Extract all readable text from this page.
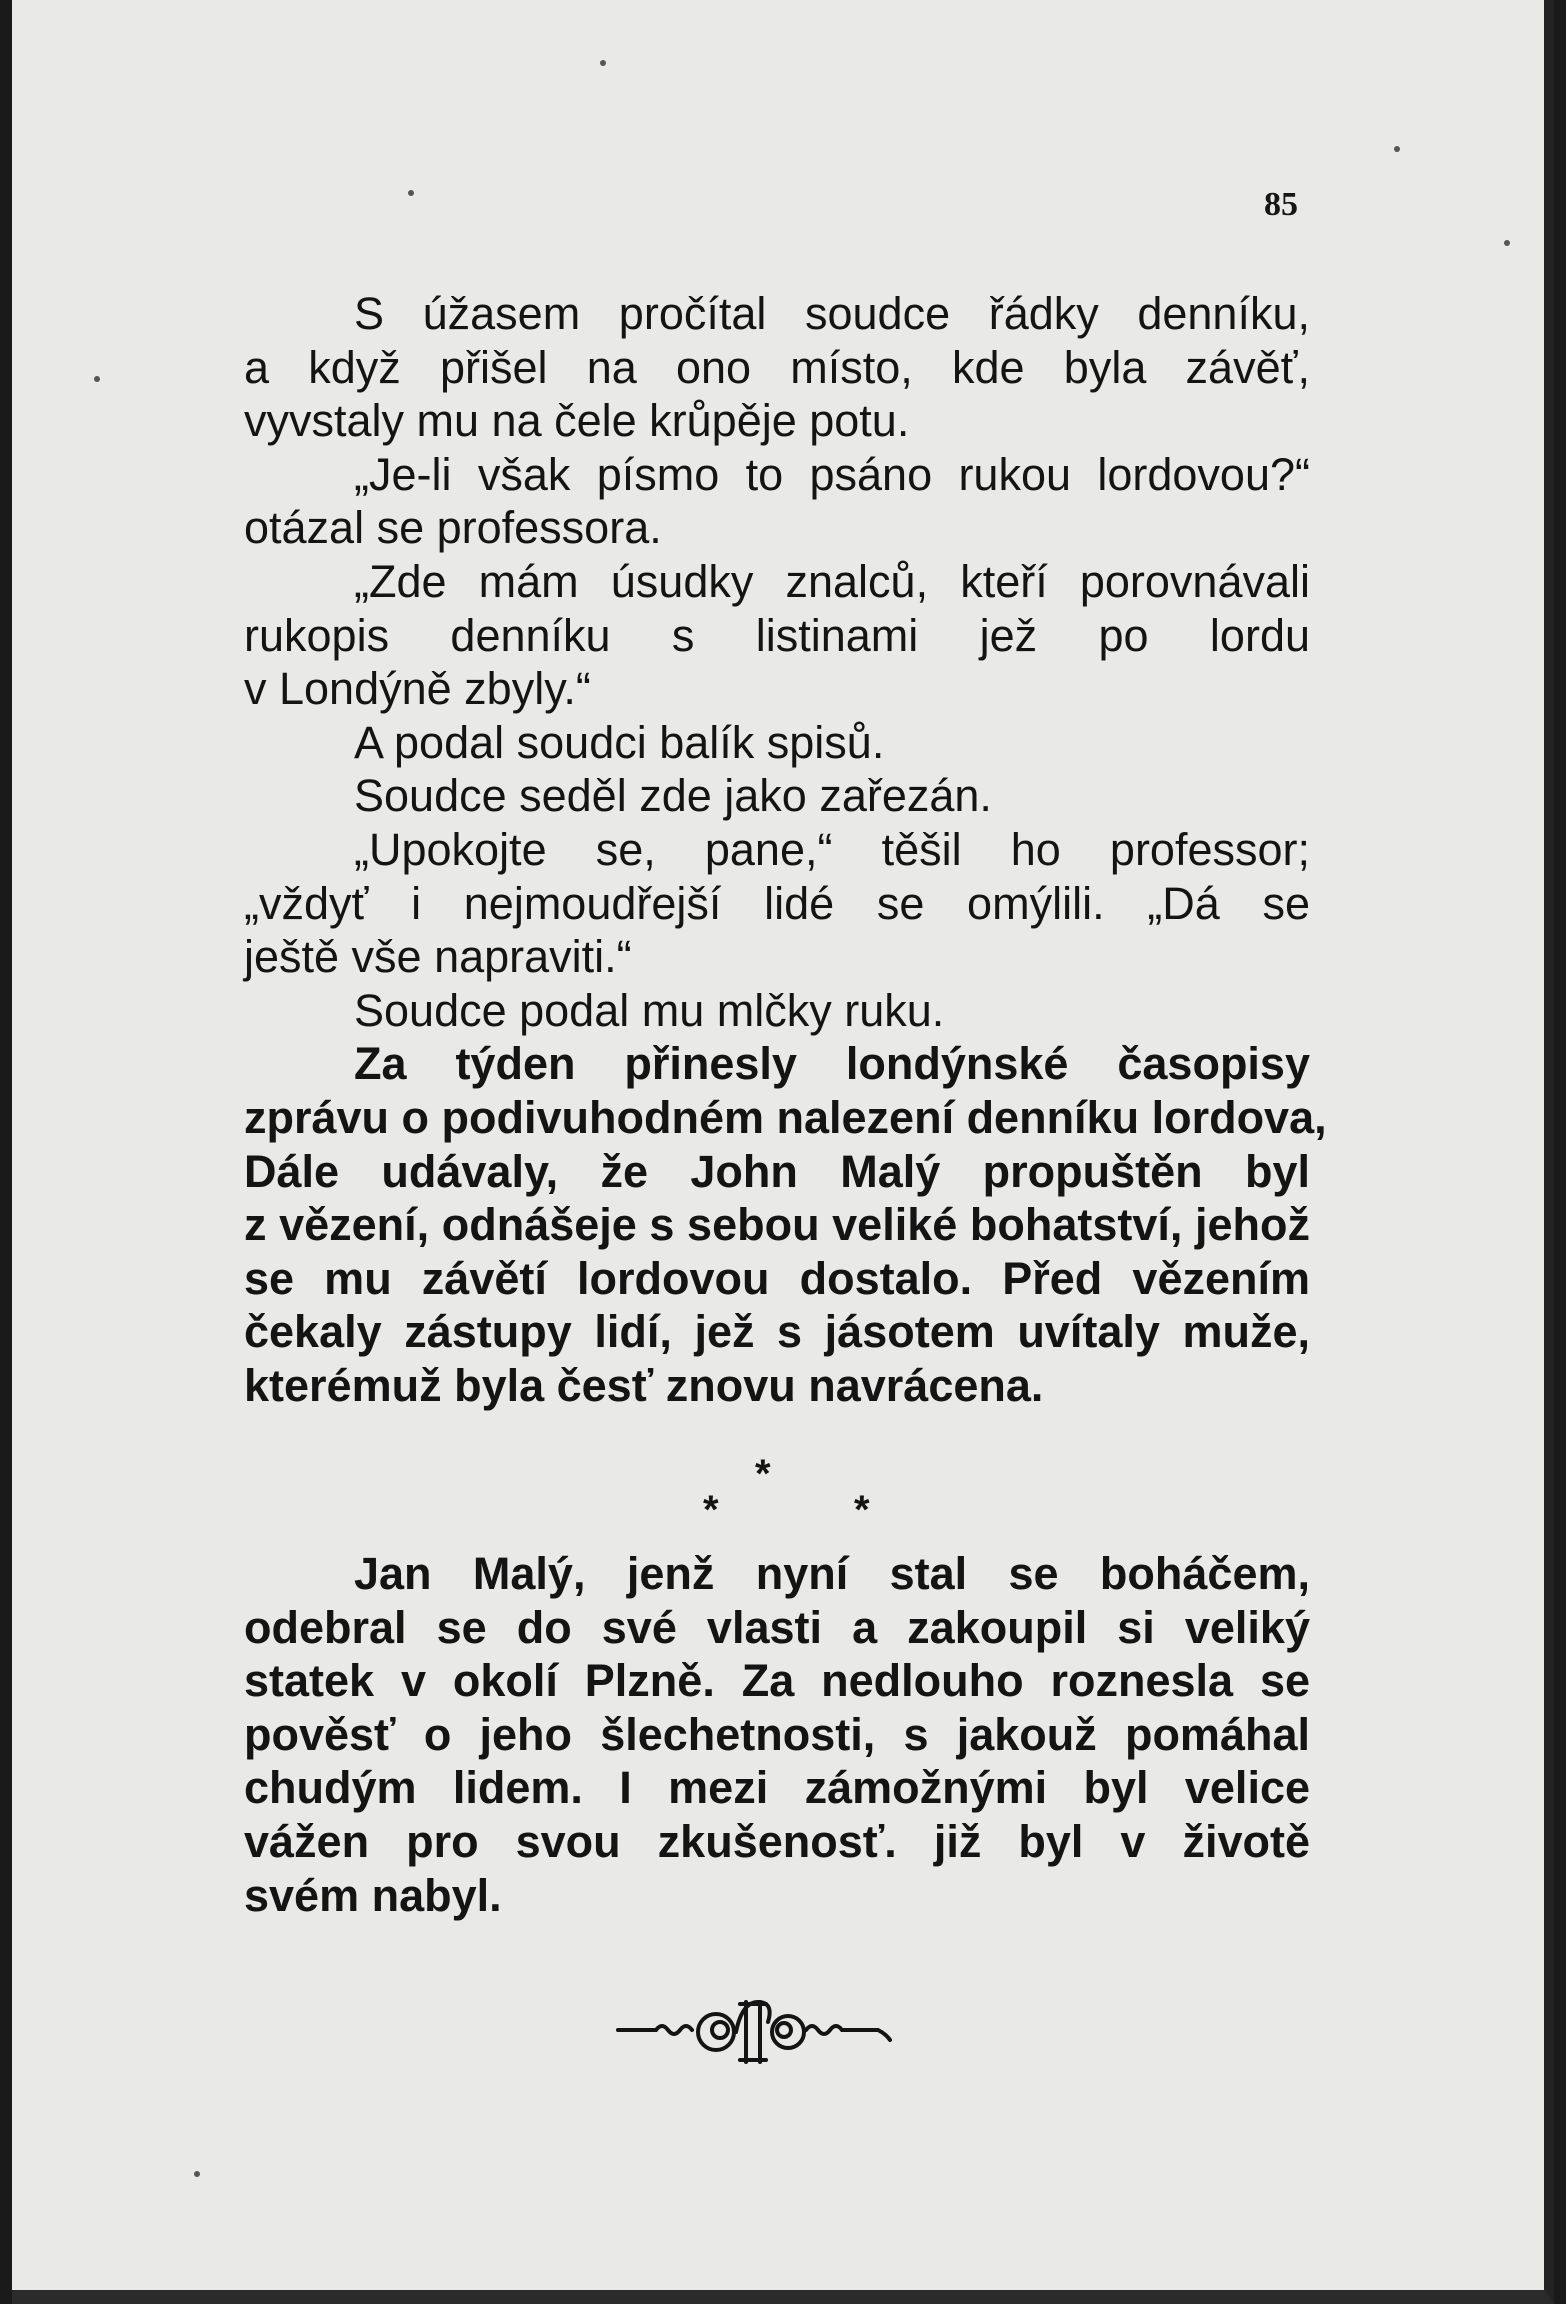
85
S úžasem pročítal soudce řádky denníku,
a když přišel na ono místo, kde byla závěť,
vyvstaly mu na čele krůpěje potu.
„Je-li však písmo to psáno rukou lordovou?“
otázal se professora.
„Zde mám úsudky znalců, kteří porovnávali
rukopis denníku s listinami jež po lordu
v Londýně zbyly.“
A podal soudci balík spisů.
Soudce seděl zde jako zařezán.
„Upokojte se, pane,“ těšil ho professor;
„vždyť i nejmoudřejší lidé se omýlili. „Dá se
ještě vše napraviti.“
Soudce podal mu mlčky ruku.
Za týden přinesly londýnské časopisy
zprávu o podivuhodném nalezení denníku lordova,
Dále udávaly, že John Malý propuštěn byl
z vězení, odnášeje s sebou veliké bohatství, jehož
se mu závětí lordovou dostalo. Před vězením
čekaly zástupy lidí, jež s jásotem uvítaly muže,
kterémuž byla česť znovu navrácena.
*
*	*
Jan Malý, jenž nyní stal se boháčem,
odebral se do své vlasti a zakoupil si veliký
statek v okolí Plzně. Za nedlouho roznesla se
pověsť o jeho šlechetnosti, s jakouž pomáhal
chudým lidem. I mezi zámožnými byl velice
vážen pro svou zkušenosť. již byl v životě
svém nabyl.
